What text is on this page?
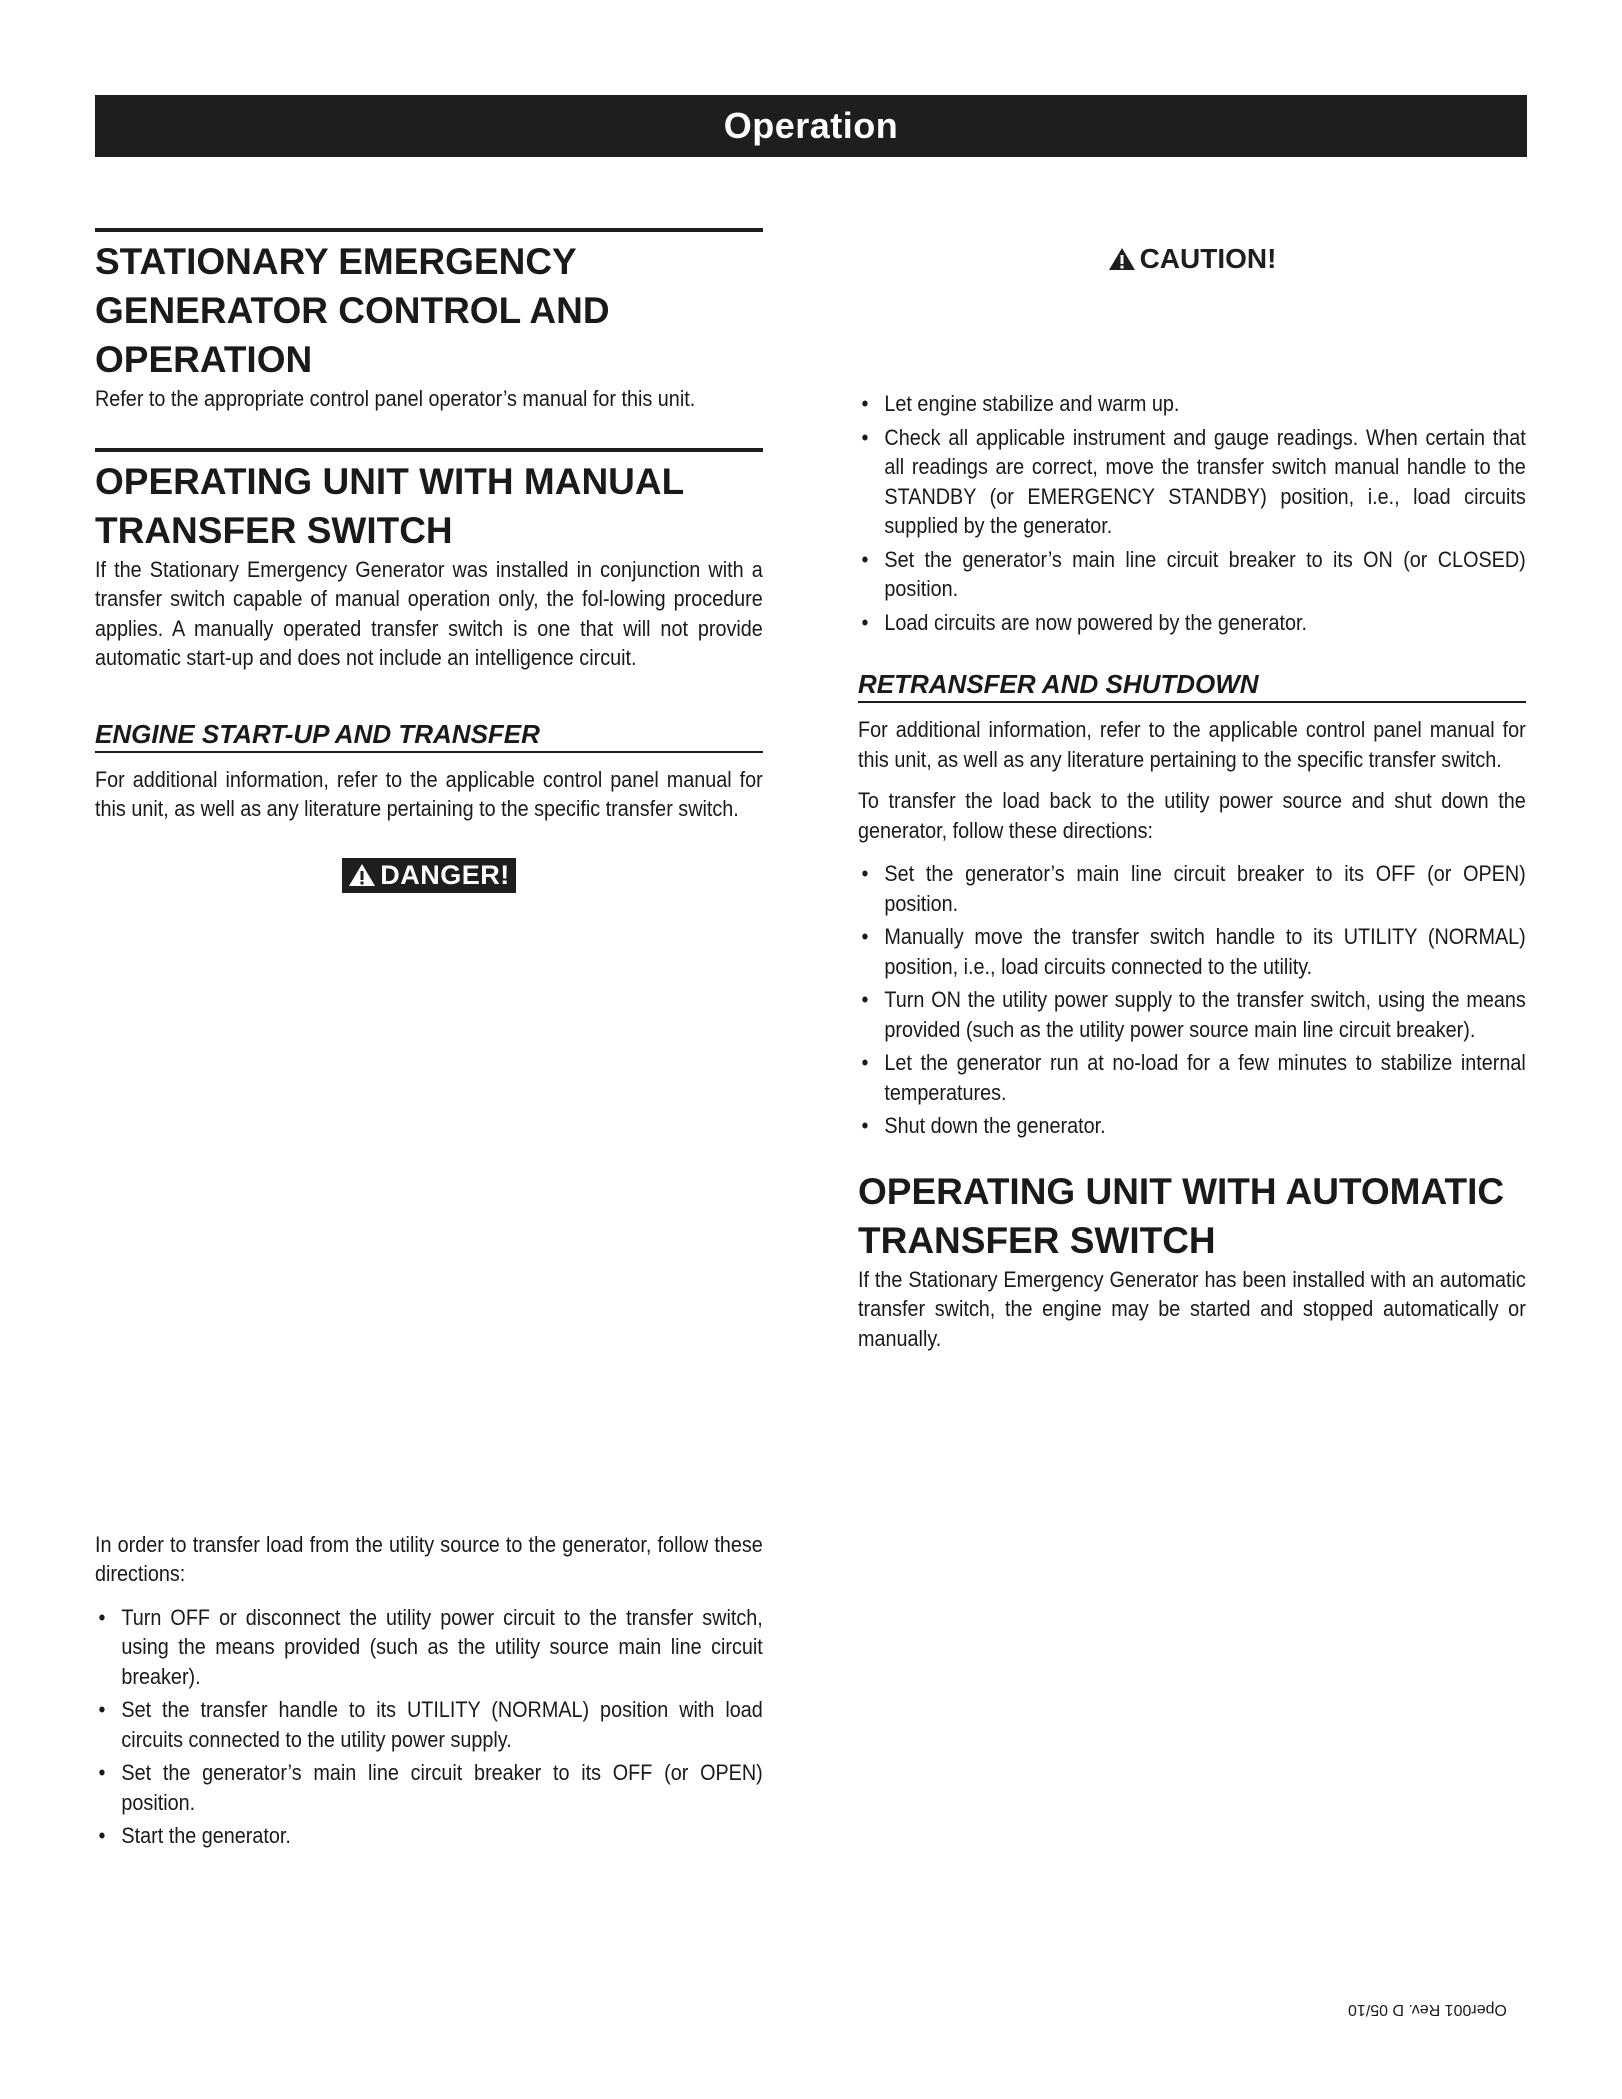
Operation
STATIONARY EMERGENCY GENERATOR CONTROL AND OPERATION

Refer to the appropriate control panel operator’s manual for this unit.

OPERATING UNIT WITH MANUAL TRANSFER SWITCH

If the Stationary Emergency Generator was installed in conjunction with a transfer switch capable of manual operation only, the fol-lowing procedure applies. A manually operated transfer switch is one that will not provide automatic start-up and does not include an intelligence circuit.

ENGINE START-UP AND TRANSFER

For additional information, refer to the applicable control panel manual for this unit, as well as any literature pertaining to the specific transfer switch.

DANGER!

In order to transfer load from the utility source to the generator, follow these directions:

• Turn OFF or disconnect the utility power circuit to the transfer switch, using the means provided (such as the utility source main line circuit breaker).
• Set the transfer handle to its UTILITY (NORMAL) position with load circuits connected to the utility power supply.
• Set the generator’s main line circuit breaker to its OFF (or OPEN) position.
• Start the generator.
CAUTION!
• Let engine stabilize and warm up.
• Check all applicable instrument and gauge readings. When certain that all readings are correct, move the transfer switch manual handle to the STANDBY (or EMERGENCY STANDBY) position, i.e., load circuits supplied by the generator.
• Set the generator’s main line circuit breaker to its ON (or CLOSED) position.
• Load circuits are now powered by the generator.
RETRANSFER AND SHUTDOWN

For additional information, refer to the applicable control panel manual for this unit, as well as any literature pertaining to the specific transfer switch.

To transfer the load back to the utility power source and shut down the generator, follow these directions:

• Set the generator’s main line circuit breaker to its OFF (or OPEN) position.
• Manually move the transfer switch handle to its UTILITY (NORMAL) position, i.e., load circuits connected to the utility.
• Turn ON the utility power supply to the transfer switch, using the means provided (such as the utility power source main line circuit breaker).
• Let the generator run at no-load for a few minutes to stabilize internal temperatures.
• Shut down the generator.
OPERATING UNIT WITH AUTOMATIC TRANSFER SWITCH

If the Stationary Emergency Generator has been installed with an automatic transfer switch, the engine may be started and stopped automatically or manually.

Oper001 Rev. D 05/10
